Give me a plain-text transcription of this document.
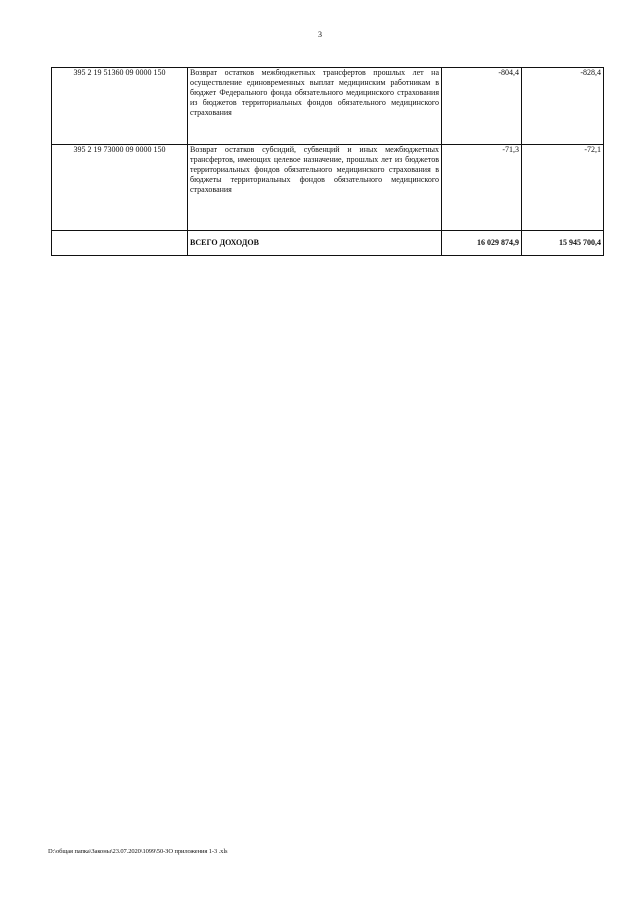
3
395 2 19 51360 09 0000 150	Возврат остатков межбюджетных трансфертов прошлых лет на осуществление единовременных выплат медицинским работникам в бюджет Федерального фонда обязательного медицинского страхования из бюджетов территориальных фондов обязательного медицинского страхования	-804,4	-828,4
395 2 19 73000 09 0000 150	Возврат остатков субсидий, субвенций и иных межбюджетных трансфертов, имеющих целевое назначение, прошлых лет из бюджетов территориальных фондов обязательного медицинского страхования в бюджеты территориальных фондов обязательного медицинского страхования	-71,3	-72,1
	ВСЕГО ДОХОДОВ	16 029 874,9	15 945 700,4
D:\общая папка\Законы\23.07.2020\1099\50-ЗО приложения 1-3 .xls
